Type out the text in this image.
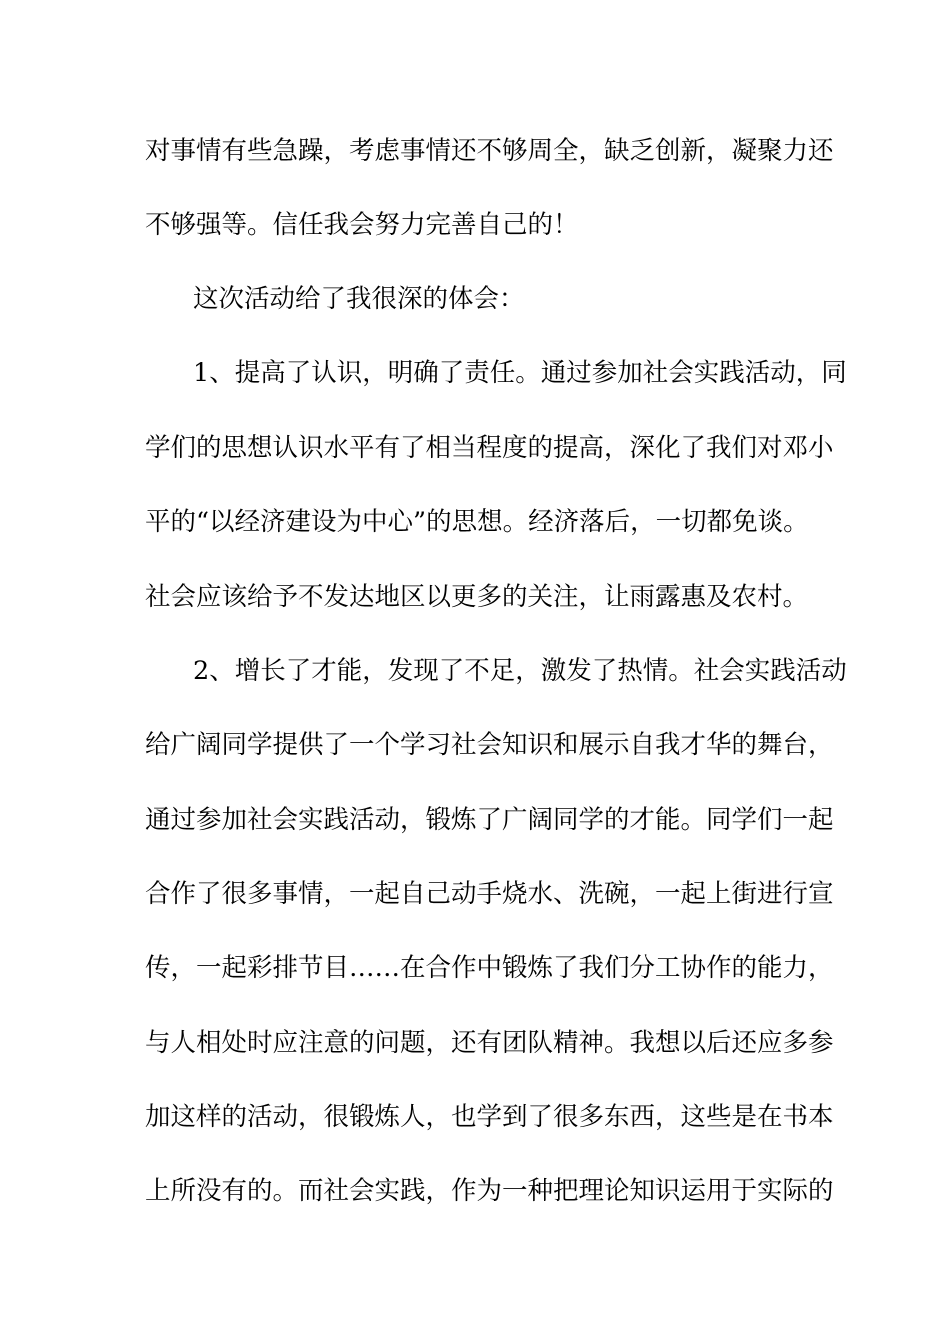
对事情有些急躁，考虑事情还不够周全，缺乏创新，凝聚力还
不够强等。信任我会努力完善自己的！
这次活动给了我很深的体会：
1、提高了认识，明确了责任。通过参加社会实践活动，同
学们的思想认识水平有了相当程度的提高，深化了我们对邓小
平的“以经济建设为中心”的思想。经济落后，一切都免谈。
社会应该给予不发达地区以更多的关注，让雨露惠及农村。
2、增长了才能，发现了不足，激发了热情。社会实践活动
给广阔同学提供了一个学习社会知识和展示自我才华的舞台，
通过参加社会实践活动，锻炼了广阔同学的才能。同学们一起
合作了很多事情，一起自己动手烧水、洗碗，一起上街进行宣
传，一起彩排节目……在合作中锻炼了我们分工协作的能力，
与人相处时应注意的问题，还有团队精神。我想以后还应多参
加这样的活动，很锻炼人，也学到了很多东西，这些是在书本
上所没有的。而社会实践，作为一种把理论知识运用于实际的
